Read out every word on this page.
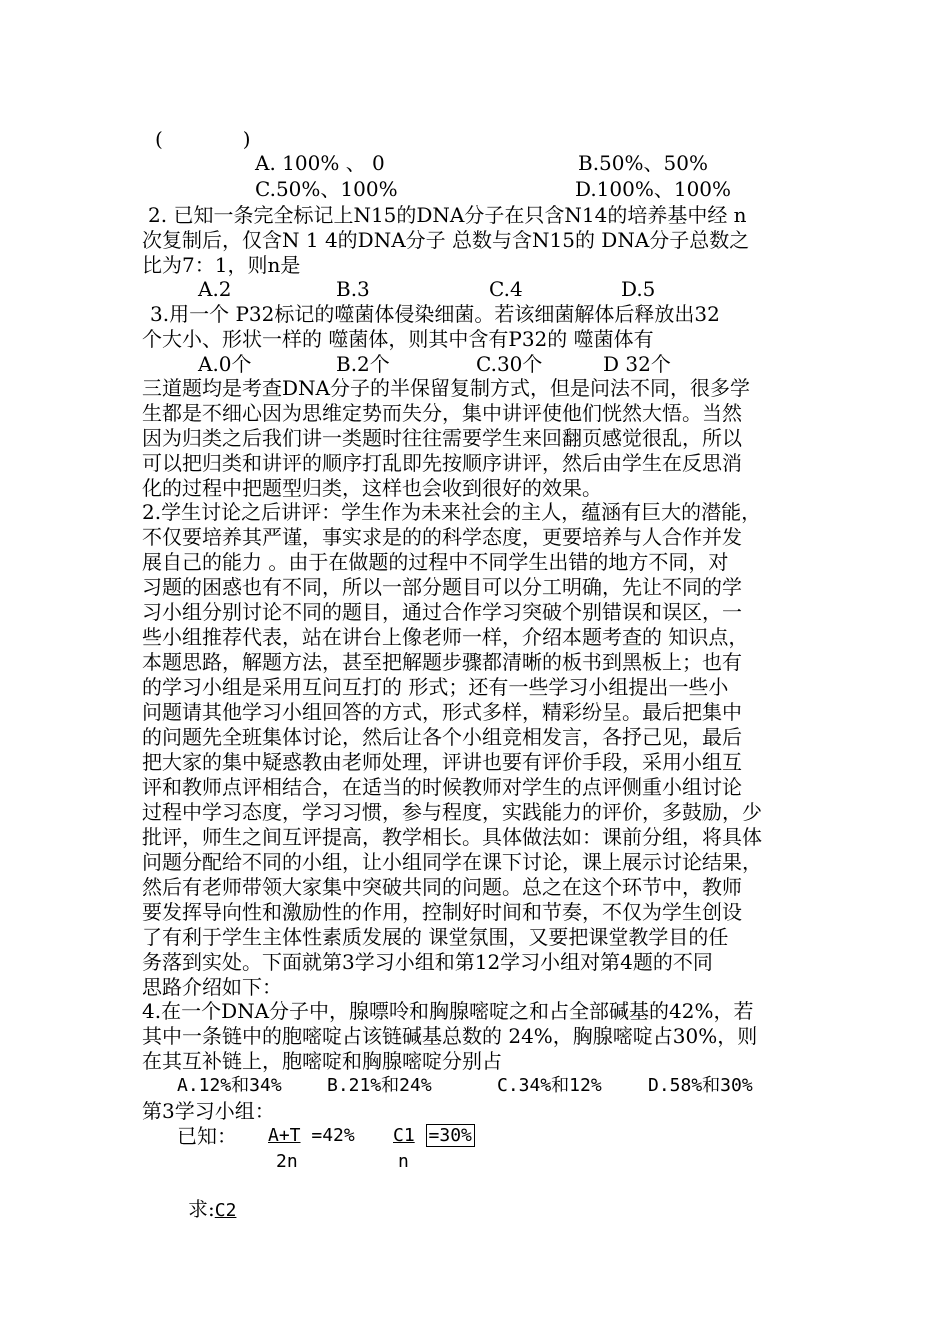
(　　　　)
A. 100% 、 0	B.50%、50%
C.50%、100%	D.100%、100%
2. 已知一条完全标记上N15的DNA分子在只含N14的培养基中经 n
次复制后，仅含N 1 4的DNA分子 总数与含N15的 DNA分子总数之
比为7：1，则n是
A.2	B.3	C.4	D.5
3.用一个 P32标记的噬菌体侵染细菌。若该细菌解体后释放出32
个大小、形状一样的 噬菌体，则其中含有P32的 噬菌体有
A.0个	B.2个	C.30个	D 32个
三道题均是考查DNA分子的半保留复制方式，但是问法不同，很多学
生都是不细心因为思维定势而失分，集中讲评使他们恍然大悟。当然
因为归类之后我们讲一类题时往往需要学生来回翻页感觉很乱，所以
可以把归类和讲评的顺序打乱即先按顺序讲评，然后由学生在反思消
化的过程中把题型归类，这样也会收到很好的效果。
2.学生讨论之后讲评：学生作为未来社会的主人，蕴涵有巨大的潜能，
不仅要培养其严谨，事实求是的的科学态度，更要培养与人合作并发
展自己的能力 。由于在做题的过程中不同学生出错的地方不同，对
习题的困惑也有不同，所以一部分题目可以分工明确，先让不同的学
习小组分别讨论不同的题目，通过合作学习突破个别错误和误区，一
些小组推荐代表，站在讲台上像老师一样，介绍本题考查的 知识点，
本题思路，解题方法，甚至把解题步骤都清晰的板书到黑板上；也有
的学习小组是采用互问互打的 形式；还有一些学习小组提出一些小
问题请其他学习小组回答的方式，形式多样，精彩纷呈。最后把集中
的问题先全班集体讨论，然后让各个小组竞相发言，各抒己见，最后
把大家的集中疑惑教由老师处理，评讲也要有评价手段，采用小组互
评和教师点评相结合，在适当的时候教师对学生的点评侧重小组讨论
过程中学习态度，学习习惯，参与程度，实践能力的评价，多鼓励，少
批评，师生之间互评提高，教学相长。具体做法如：课前分组，将具体
问题分配给不同的小组，让小组同学在课下讨论，课上展示讨论结果，
然后有老师带领大家集中突破共同的问题。总之在这个环节中，教师
要发挥导向性和激励性的作用，控制好时间和节奏，不仅为学生创设
了有利于学生主体性素质发展的 课堂氛围，又要把课堂教学目的任
务落到实处。下面就第3学习小组和第12学习小组对第4题的不同
思路介绍如下：
4.在一个DNA分子中，腺嘌呤和胸腺嘧啶之和占全部碱基的42%，若
其中一条链中的胞嘧啶占该链碱基总数的 24%，胸腺嘧啶占30%，则
在其互补链上，胞嘧啶和胸腺嘧啶分别占
A.12%和34%	B.21%和24%	C.34%和12%	D.58%和30%
第3学习小组：
已知： A+T =42%
2n
C1 =30%
n
求:C2
